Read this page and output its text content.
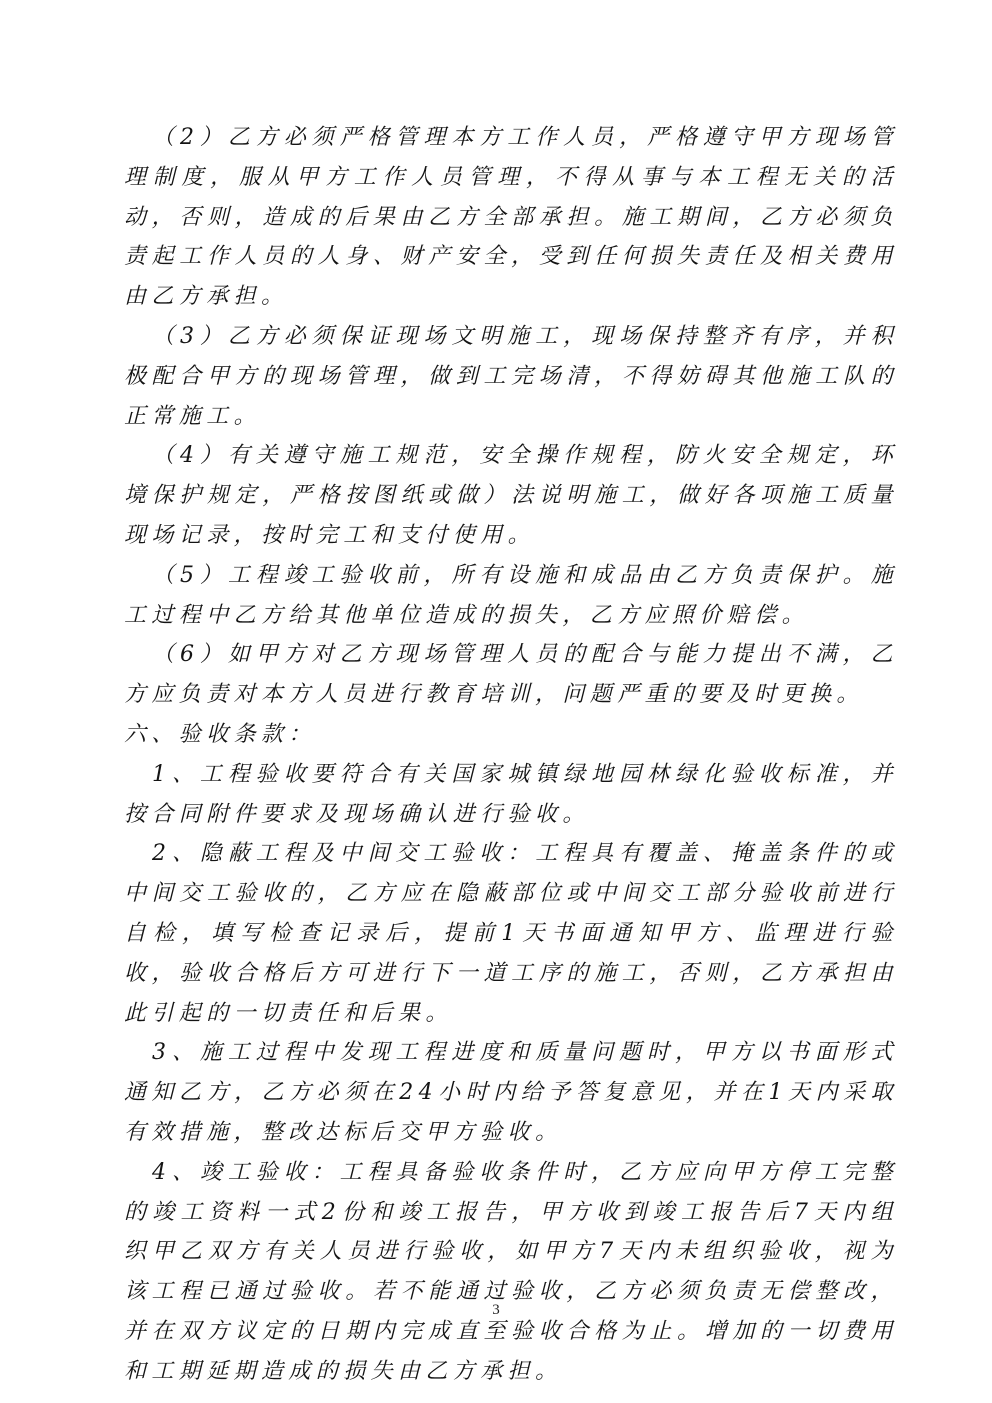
（2）乙方必须严格管理本方工作人员，严格遵守甲方现场管理制度，服从甲方工作人员管理，不得从事与本工程无关的活动，否则，造成的后果由乙方全部承担。施工期间，乙方必须负责起工作人员的人身、财产安全，受到任何损失责任及相关费用由乙方承担。

（3）乙方必须保证现场文明施工，现场保持整齐有序，并积极配合甲方的现场管理，做到工完场清，不得妨碍其他施工队的正常施工。

（4）有关遵守施工规范，安全操作规程，防火安全规定，环境保护规定，严格按图纸或做）法说明施工，做好各项施工质量现场记录，按时完工和支付使用。

（5）工程竣工验收前，所有设施和成品由乙方负责保护。施工过程中乙方给其他单位造成的损失，乙方应照价赔偿。

（6）如甲方对乙方现场管理人员的配合与能力提出不满，乙方应负责对本方人员进行教育培训，问题严重的要及时更换。

六、验收条款：

1、工程验收要符合有关国家城镇绿地园林绿化验收标准，并按合同附件要求及现场确认进行验收。

2、隐蔽工程及中间交工验收：工程具有覆盖、掩盖条件的或中间交工验收的，乙方应在隐蔽部位或中间交工部分验收前进行自检，填写检查记录后，提前1天书面通知甲方、监理进行验收，验收合格后方可进行下一道工序的施工，否则，乙方承担由此引起的一切责任和后果。

3、施工过程中发现工程进度和质量问题时，甲方以书面形式通知乙方，乙方必须在24小时内给予答复意见，并在1天内采取有效措施，整改达标后交甲方验收。

4、竣工验收：工程具备验收条件时，乙方应向甲方停工完整的竣工资料一式2份和竣工报告，甲方收到竣工报告后7天内组织甲乙双方有关人员进行验收，如甲方7天内未组织验收，视为该工程已通过验收。若不能通过验收，乙方必须负责无偿整改，并在双方议定的日期内完成直至验收合格为止。增加的一切费用和工期延期造成的损失由乙方承担。

3
